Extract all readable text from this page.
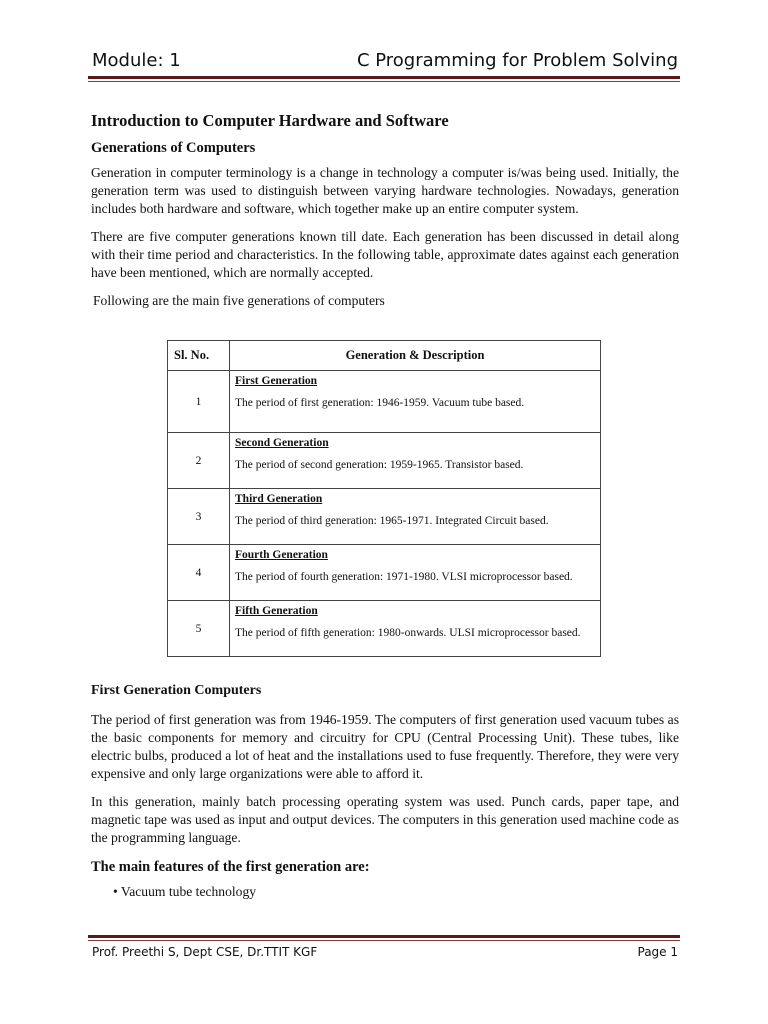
Module: 1	C Programming for Problem Solving
Introduction to Computer Hardware and Software
Generations of Computers

Generation in computer terminology is a change in technology a computer is/was being used. Initially, the generation term was used to distinguish between varying hardware technologies. Nowadays, generation includes both hardware and software, which together make up an entire computer system.

There are five computer generations known till date. Each generation has been discussed in detail along with their time period and characteristics. In the following table, approximate dates against each generation have been mentioned, which are normally accepted.

Following are the main five generations of computers

Sl. No.	Generation & Description
1	First Generation
The period of first generation: 1946-1959. Vacuum tube based.

2	Second Generation
The period of second generation: 1959-1965. Transistor based.

3	Third Generation
The period of third generation: 1965-1971. Integrated Circuit based.

4	Fourth Generation
The period of fourth generation: 1971-1980. VLSI microprocessor based.

5	Fifth Generation
The period of fifth generation: 1980-onwards. ULSI microprocessor based.
First Generation Computers

The period of first generation was from 1946-1959. The computers of first generation used vacuum tubes as the basic components for memory and circuitry for CPU (Central Processing Unit). These tubes, like electric bulbs, produced a lot of heat and the installations used to fuse frequently. Therefore, they were very expensive and only large organizations were able to afford it.

In this generation, mainly batch processing operating system was used. Punch cards, paper tape, and magnetic tape was used as input and output devices. The computers in this generation used machine code as the programming language.

The main features of the first generation are:
• Vacuum tube technology
Prof. Preethi S, Dept CSE, Dr.TTIT KGF	Page 1
